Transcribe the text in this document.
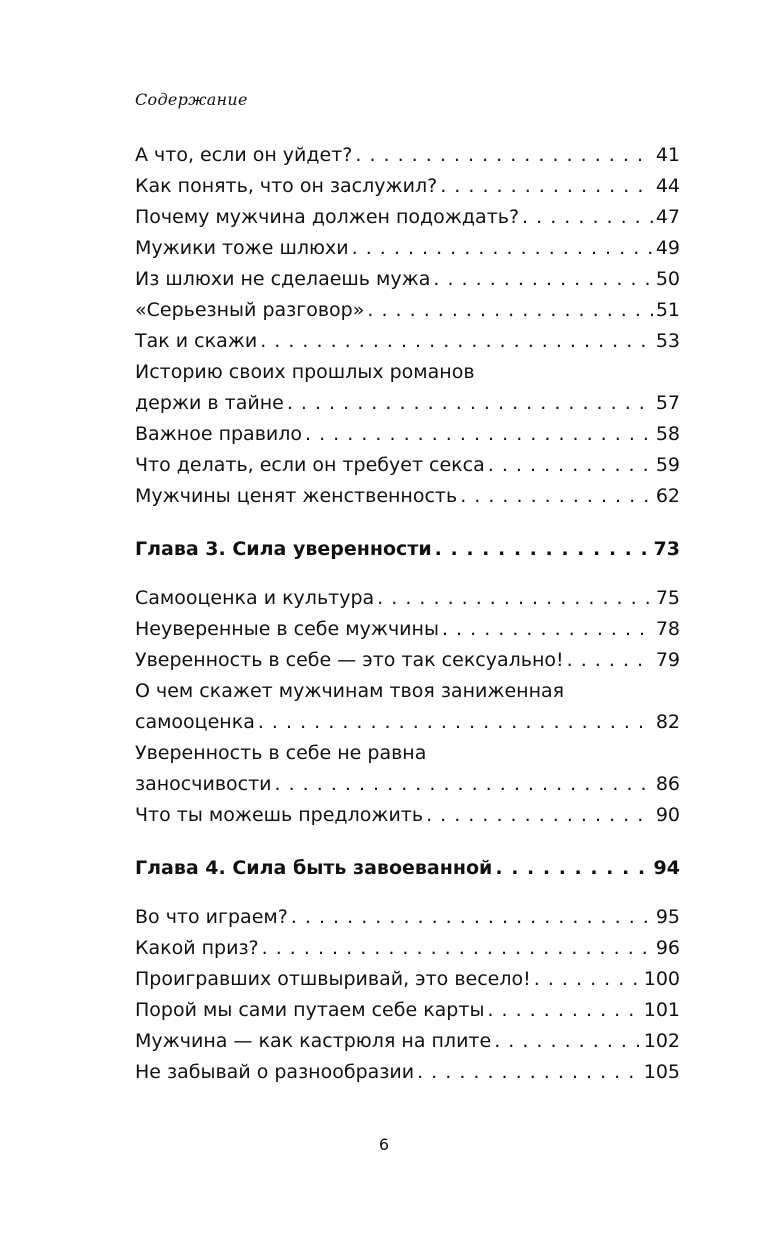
Содержание
А что, если он уйдет? . . .	41
Как понять, что он заслужил? . . .	44
Почему мужчина должен подождать? . . .	47
Мужики тоже шлюхи . . .	49
Из шлюхи не сделаешь мужа . . .	50
«Серьезный разговор» . . .	51
Так и скажи . . .	53
Историю своих прошлых романов
держи в тайне . . .	57
Важное правило . . .	58
Что делать, если он требует секса . . .	59
Мужчины ценят женственность . . .	62
Глава 3. Сила уверенности . . .	73
Самооценка и культура . . .	75
Неуверенные в себе мужчины . . .	78
Уверенность в себе — это так сексуально! . . .	79
О чем скажет мужчинам твоя заниженная
самооценка . . .	82
Уверенность в себе не равна
заносчивости . . .	86
Что ты можешь предложить . . .	90
Глава 4. Сила быть завоеванной . . .	94
Во что играем? . . .	95
Какой приз? . . .	96
Проигравших отшвыривай, это весело! . . .	100
Порой мы сами путаем себе карты . . .	101
Мужчина — как кастрюля на плите . . .	102
Не забывай о разнообразии . . .	105
6
